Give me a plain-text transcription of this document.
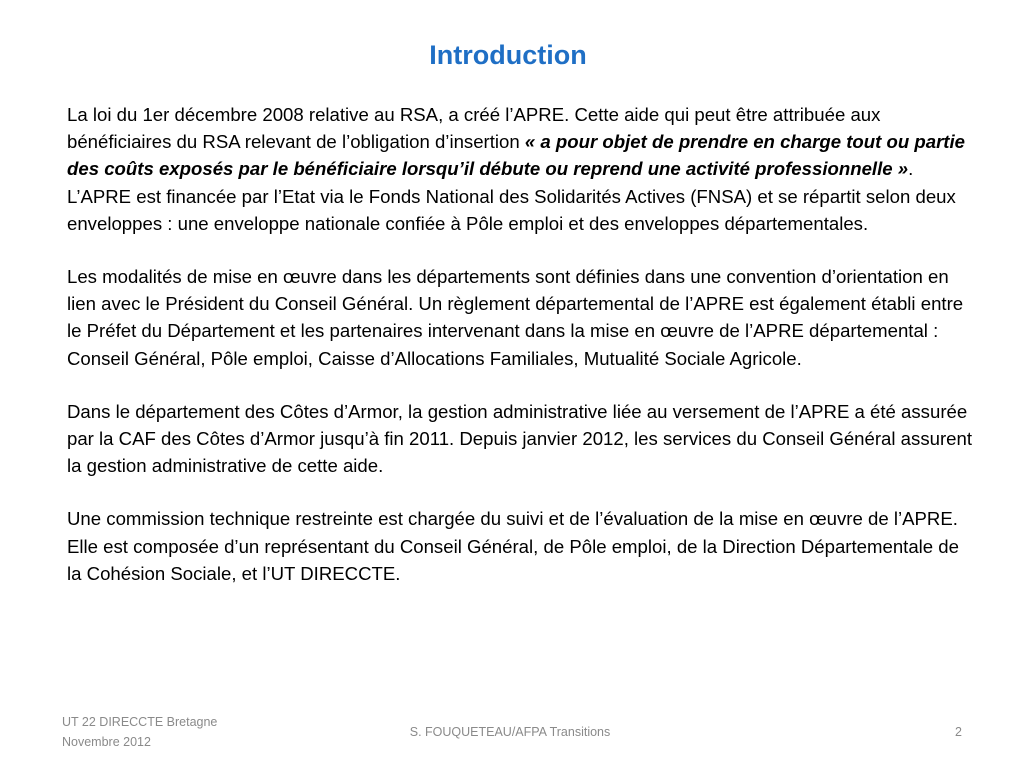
Introduction

La loi du 1er décembre 2008 relative au RSA, a créé l’APRE. Cette aide qui peut être attribuée aux bénéficiaires du RSA relevant de l’obligation d’insertion « a pour objet de prendre en charge tout ou partie des coûts exposés par le bénéficiaire lorsqu’il débute ou reprend une activité professionnelle ». L’APRE est financée par l’Etat via le Fonds National des Solidarités Actives (FNSA) et se répartit selon deux enveloppes : une enveloppe nationale confiée à Pôle emploi et des enveloppes départementales.

Les modalités de mise en œuvre dans les départements sont définies dans une convention d’orientation en lien avec le Président du Conseil Général. Un règlement départemental de l’APRE est également établi entre le Préfet du Département et les partenaires intervenant dans la mise en œuvre de l’APRE départemental : Conseil Général, Pôle emploi, Caisse d’Allocations Familiales, Mutualité Sociale Agricole.

Dans le département des Côtes d’Armor, la gestion administrative liée au versement de l’APRE a été assurée par la CAF des Côtes d’Armor jusqu’à fin 2011. Depuis janvier 2012, les services du Conseil Général assurent la gestion administrative de cette aide.

Une commission technique restreinte est chargée du suivi et de l’évaluation de la mise en œuvre de l’APRE. Elle est composée d’un représentant du Conseil Général, de Pôle emploi, de la Direction Départementale de la Cohésion Sociale, et l’UT DIRECCTE.

UT 22 DIRECCTE Bretagne
Novembre 2012
S. FOUQUETEAU/AFPA Transitions	2
